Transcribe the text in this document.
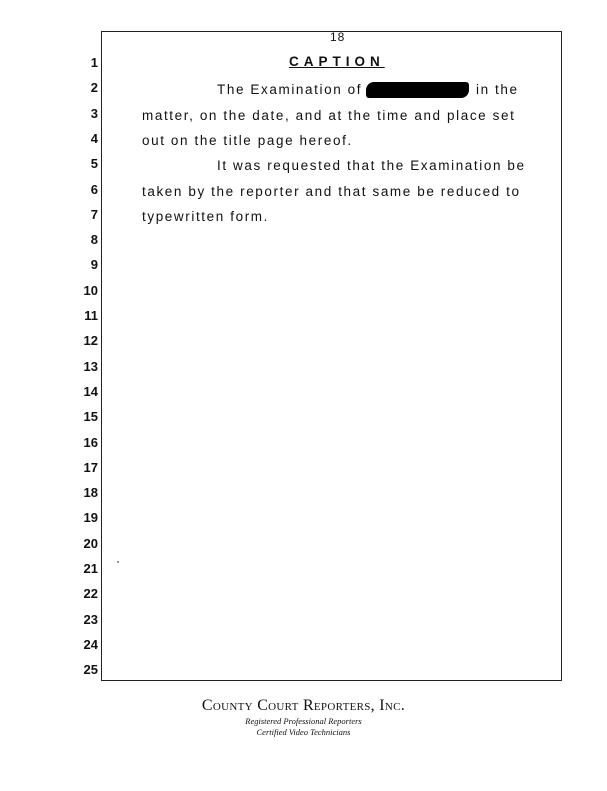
18
1
2
3
4
5
6
7
8
9
10
11
12
13
14
15
16
17
18
19
20
21
22
23
24
25
CAPTION
The Examination of	in the
matter, on the date, and at the time and place set
out on the title page hereof.
It was requested that the Examination be
taken by the reporter and that same be reduced to
typewritten form.
County Court Reporters, Inc.
Registered Professional Reporters
Certified Video Technicians
